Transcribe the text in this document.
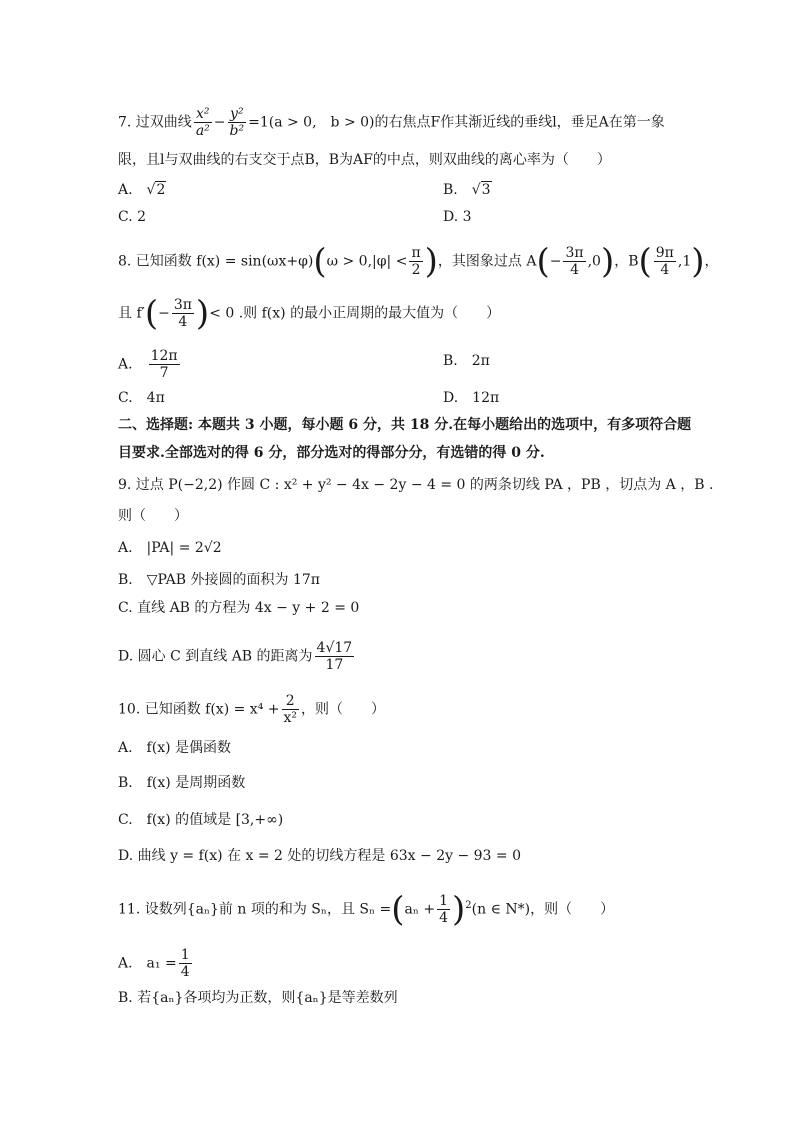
7. 过双曲线 $\frac{\text{x²}}{\text{a²}} - \frac{\text{y²}}{\text{b²}} =1(a > 0$,　b > 0)的右焦点F作其渐近线的垂线l，垂足A在第一象
限，且l与双曲线的右支交于点B，B为AF的中点，则双曲线的离心率为（　　）
A.　√2	B.　√3
C. 2	D. 3
8. 已知函数 $f(x) = \sin(\omega x+\varphi)(\omega > 0,|\varphi| < \frac{\pi}{2}$ )，其图象过点 $A(- \frac{3\pi}{4} ,0)$，$B( \frac{9\pi}{4} ,1)$，
且 $f'(- \frac{3\pi}{4}$ )< 0 .则 f(x) 的最小正周期的最大值为（　　）
A.　 $\frac{12\pi}{7}$	B.　2π
C.　4π	D.　12π
二、选择题: 本题共 3 小题，每小题 6 分，共 18 分.在每小题给出的选项中，有多项符合题
目要求.全部选对的得 6 分，部分选对的得部分分，有选错的得 0 分.
9. 过点 P(−2,2) 作圆 C : x² + y² − 4x − 2y − 4 = 0 的两条切线 PA ，PB ，切点为 A ，B .
则（　　）
A.　|PA| = 2√2
B.　▽PAB 外接圆的面积为 17π
C. 直线 AB 的方程为 4x − y + 2 = 0
D. 圆心 C 到直线 AB 的距离为 $\frac{4√17}{17}$
10. 已知函数 $f(x) = x^4 + \frac{2}{\text{x²}}$ ，则（　　）
A.　f(x) 是偶函数
B.　f(x) 是周期函数
C.　f(x) 的值域是 [3,+∞)
D. 曲线 y = f(x) 在 x = 2 处的切线方程是 63x − 2y − 93 = 0
11. 设数列{aₙ}前 n 项的和为 Sₙ，且 $S_n =(a_n + \frac{1}{4} )^2(n$ ∈ N*)，则（　　）
A.　$a_1 = \frac{1}{4}$
B. 若{aₙ}各项均为正数，则{aₙ}是等差数列
